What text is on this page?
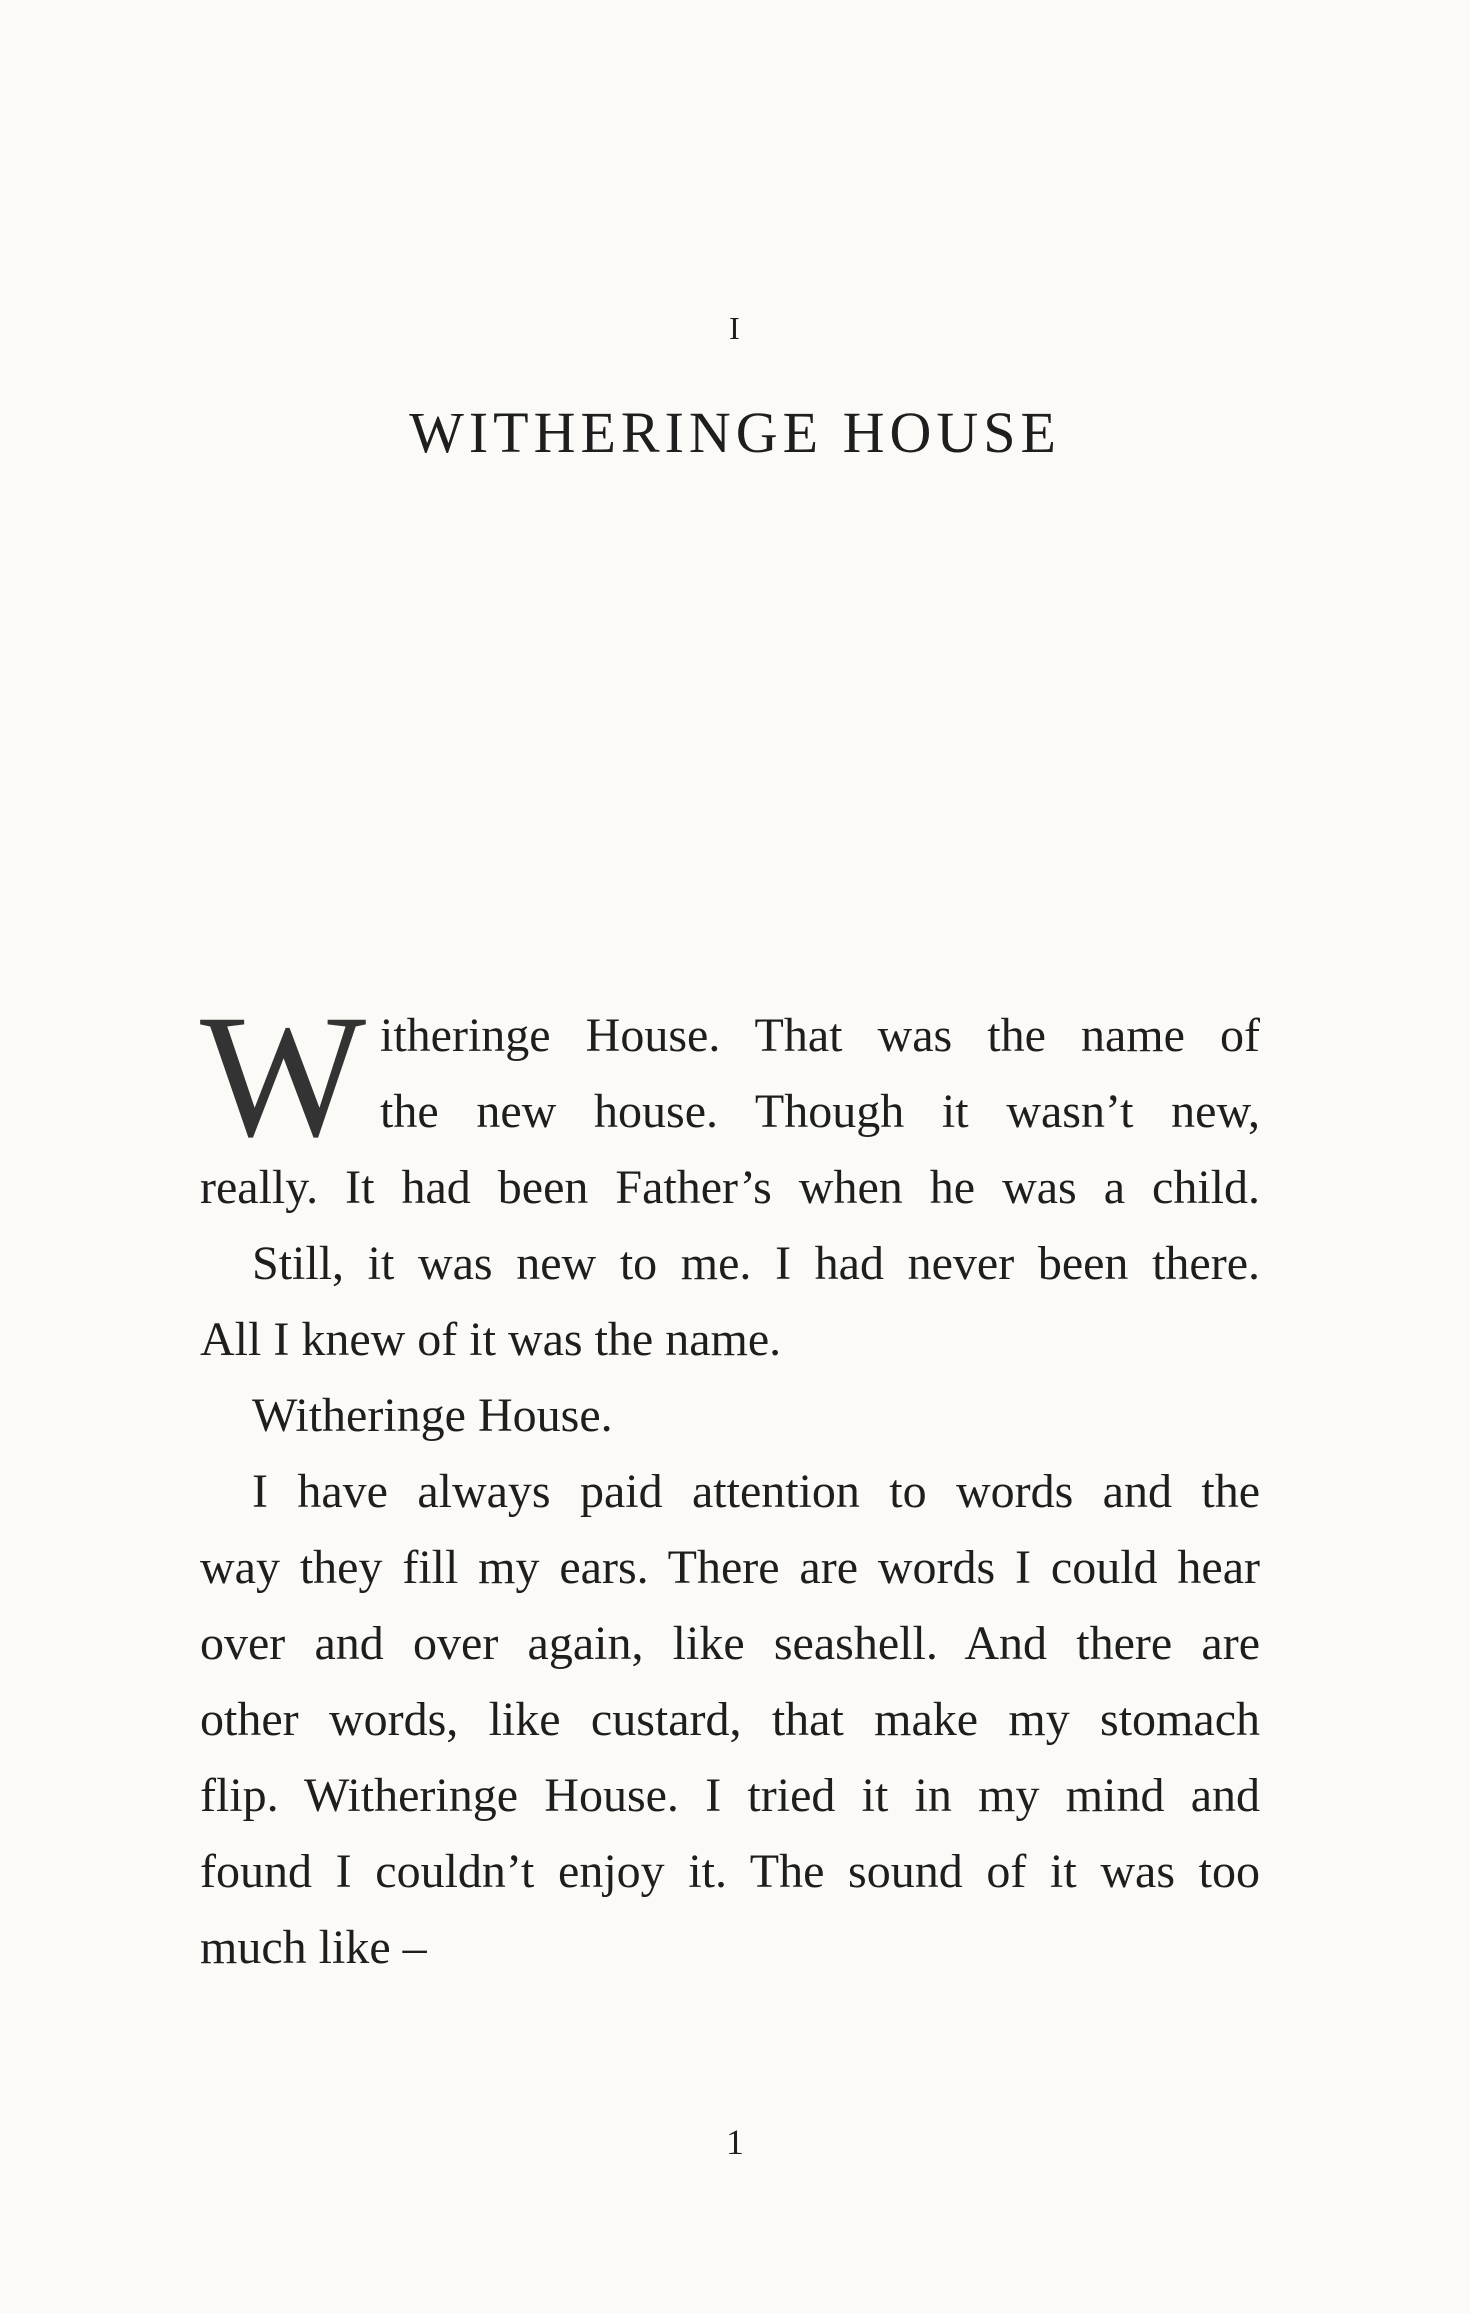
I
WITHERINGE HOUSE
W itheringe House. That was the name of
the new house. Though it wasn’t new,
really. It had been Father’s when he was a child.
Still, it was new to me. I had never been there.
All I knew of it was the name.
Witheringe House.
I have always paid attention to words and the
way they fill my ears. There are words I could hear
over and over again, like seashell. And there are
other words, like custard, that make my stomach
flip. Witheringe House. I tried it in my mind and
found I couldn’t enjoy it. The sound of it was too
much like –
1
